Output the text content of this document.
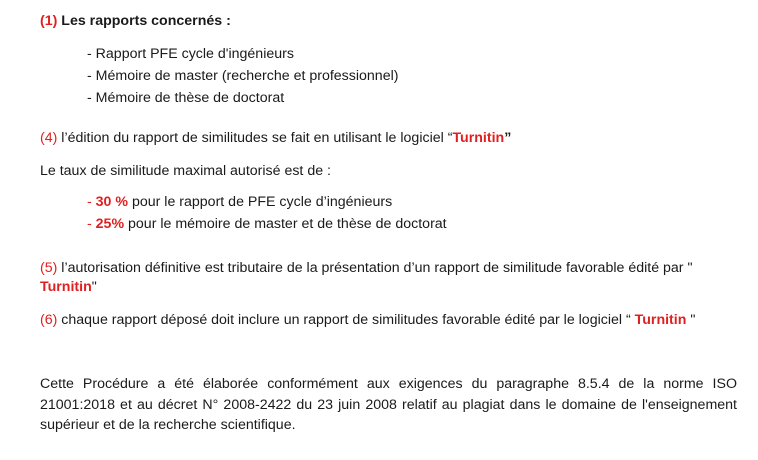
(1) Les rapports concernés :
- Rapport PFE cycle d'ingénieurs
- Mémoire de master (recherche et professionnel)
- Mémoire de thèse de doctorat
(4) l’édition du rapport de similitudes se fait en utilisant le logiciel “Turnitin”
Le taux de similitude maximal autorisé est de :
- 30 % pour le rapport de PFE cycle d’ingénieurs
- 25% pour le mémoire de master et de thèse de doctorat
(5) l’autorisation définitive est tributaire de la présentation d’un rapport de similitude favorable édité par "
Turnitin"
(6) chaque rapport déposé doit inclure un rapport de similitudes favorable édité par le logiciel “ Turnitin "
Cette Procédure a été élaborée conformément aux exigences du paragraphe 8.5.4 de la norme ISO 21001:2018 et au décret N° 2008-2422 du 23 juin 2008 relatif au plagiat dans le domaine de l'enseignement supérieur et de la recherche scientifique.
